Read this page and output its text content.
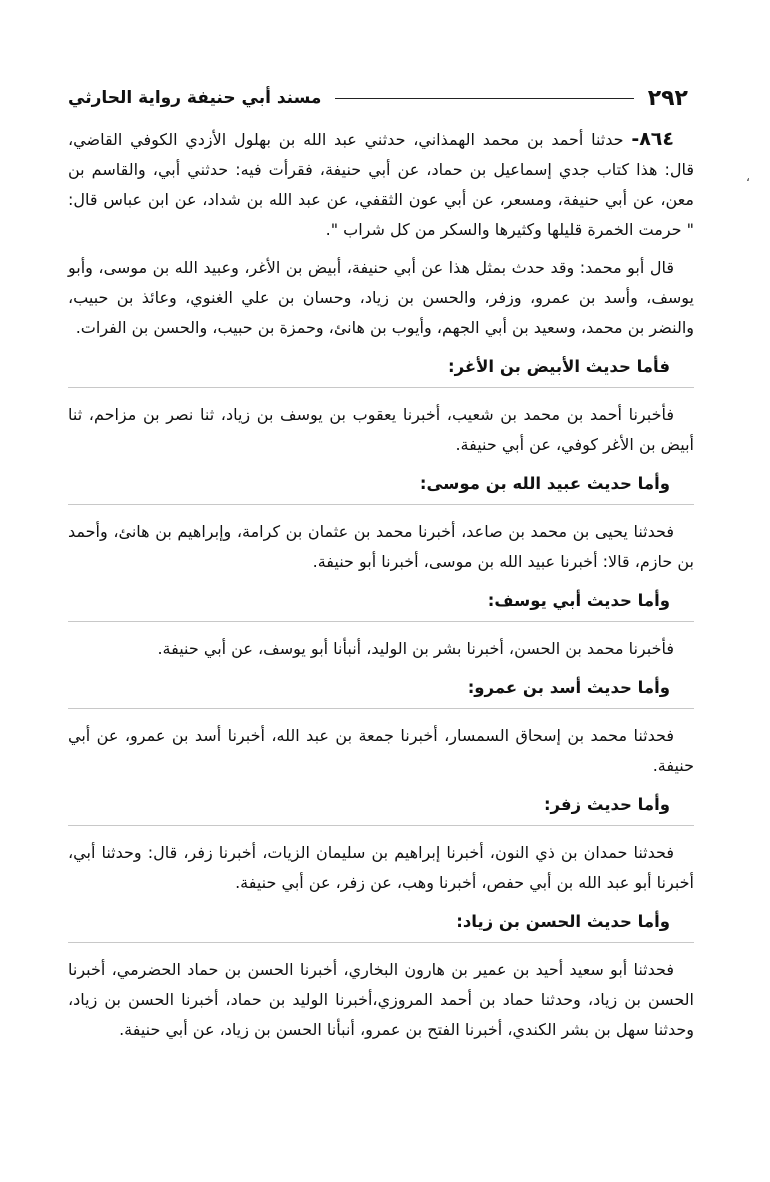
٢٩٢
مسند أبي حنيفة رواية الحارثي
،

٨٦٤- حدثنا أحمد بن محمد الهمذاني، حدثني عبد الله بن بهلول الأزدي الكوفي القاضي، قال: هذا كتاب جدي إسماعيل بن حماد، عن أبي حنيفة، فقرأت فيه: حدثني أبي، والقاسم بن معن، عن أبي حنيفة، ومسعر، عن أبي عون الثقفي، عن عبد الله بن شداد، عن ابن عباس قال: " حرمت الخمرة قليلها وكثيرها والسكر من كل شراب ".

قال أبو محمد: وقد حدث بمثل هذا عن أبي حنيفة، أبيض بن الأغر، وعبيد الله بن موسى، وأبو يوسف، وأسد بن عمرو، وزفر، والحسن بن زياد، وحسان بن علي الغنوي، وعائذ بن حبيب، والنضر بن محمد، وسعيد بن أبي الجهم، وأيوب بن هانئ، وحمزة بن حبيب، والحسن بن الفرات.

فأما حديث الأبيض بن الأغر:

فأخبرنا أحمد بن محمد بن شعيب، أخبرنا يعقوب بن يوسف بن زياد، ثنا نصر بن مزاحم، ثنا أبيض بن الأغر كوفي، عن أبي حنيفة.

وأما حديث عبيد الله بن موسى:

فحدثنا يحيى بن محمد بن صاعد، أخبرنا محمد بن عثمان بن كرامة، وإبراهيم بن هانئ، وأحمد بن حازم، قالا: أخبرنا عبيد الله بن موسى، أخبرنا أبو حنيفة.

وأما حديث أبي يوسف:

فأخبرنا محمد بن الحسن، أخبرنا بشر بن الوليد، أنبأنا أبو يوسف، عن أبي حنيفة.

وأما حديث أسد بن عمرو:

فحدثنا محمد بن إسحاق السمسار، أخبرنا جمعة بن عبد الله، أخبرنا أسد بن عمرو، عن أبي حنيفة.

وأما حديث زفر:

فحدثنا حمدان بن ذي النون، أخبرنا إبراهيم بن سليمان الزيات، أخبرنا زفر، قال: وحدثنا أبي، أخبرنا أبو عبد الله بن أبي حفص، أخبرنا وهب، عن زفر، عن أبي حنيفة.

وأما حديث الحسن بن زياد:

فحدثنا أبو سعيد أحيد بن عمير بن هارون البخاري، أخبرنا الحسن بن حماد الحضرمي، أخبرنا الحسن بن زياد، وحدثنا حماد بن أحمد المروزي،أخبرنا الوليد بن حماد، أخبرنا الحسن بن زياد، وحدثنا سهل بن بشر الكندي، أخبرنا الفتح بن عمرو، أنبأنا الحسن بن زياد، عن أبي حنيفة.
